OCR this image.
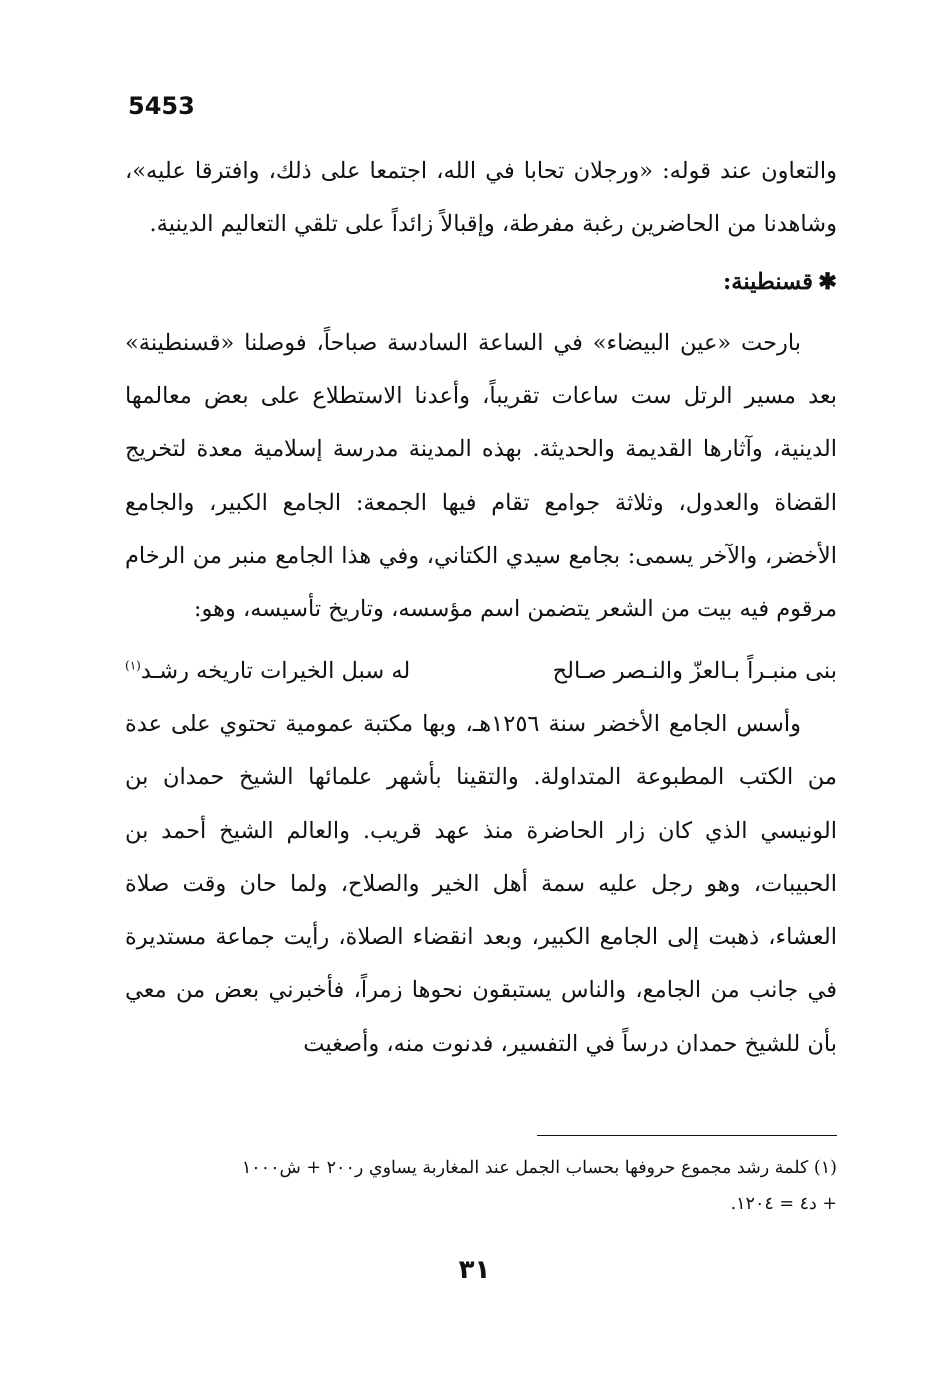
5453

والتعاون عند قوله: «ورجلان تحابا في الله، اجتمعا على ذلك، وافترقا عليه»، وشاهدنا من الحاضرين رغبة مفرطة، وإقبالاً زائداً على تلقي التعاليم الدينية.

✱قسنطينة:

بارحت «عين البيضاء» في الساعة السادسة صباحاً، فوصلنا «قسنطينة» بعد مسير الرتل ست ساعات تقريباً، وأعدنا الاستطلاع على بعض معالمها الدينية، وآثارها القديمة والحديثة. بهذه المدينة مدرسة إسلامية معدة لتخريج القضاة والعدول، وثلاثة جوامع تقام فيها الجمعة: الجامع الكبير، والجامع الأخضر، والآخر يسمى: بجامع سيدي الكتاني، وفي هذا الجامع منبر من الرخام مرقوم فيه بيت من الشعر يتضمن اسم مؤسسه، وتاريخ تأسيسه، وهو:

بنى منبـراً بـالعزّ والنـصر صـالح
له سبل الخيرات تاريخه رشـد$^{(١)}$

وأسس الجامع الأخضر سنة ١٢٥٦هـ، وبها مكتبة عمومية تحتوي على عدة من الكتب المطبوعة المتداولة. والتقينا بأشهر علمائها الشيخ حمدان بن الونيسي الذي كان زار الحاضرة منذ عهد قريب. والعالم الشيخ أحمد بن الحبيبات، وهو رجل عليه سمة أهل الخير والصلاح، ولما حان وقت صلاة العشاء، ذهبت إلى الجامع الكبير، وبعد انقضاء الصلاة، رأيت جماعة مستديرة في جانب من الجامع، والناس يستبقون نحوها زمراً، فأخبرني بعض من معي بأن للشيخ حمدان درساً في التفسير، فدنوت منه، وأصغيت

(١) كلمة رشد مجموع حروفها بحساب الجمل عند المغاربة يساوي ر٢٠٠ + ش١٠٠٠

+ د٤ = ١٢٠٤.

٣١
